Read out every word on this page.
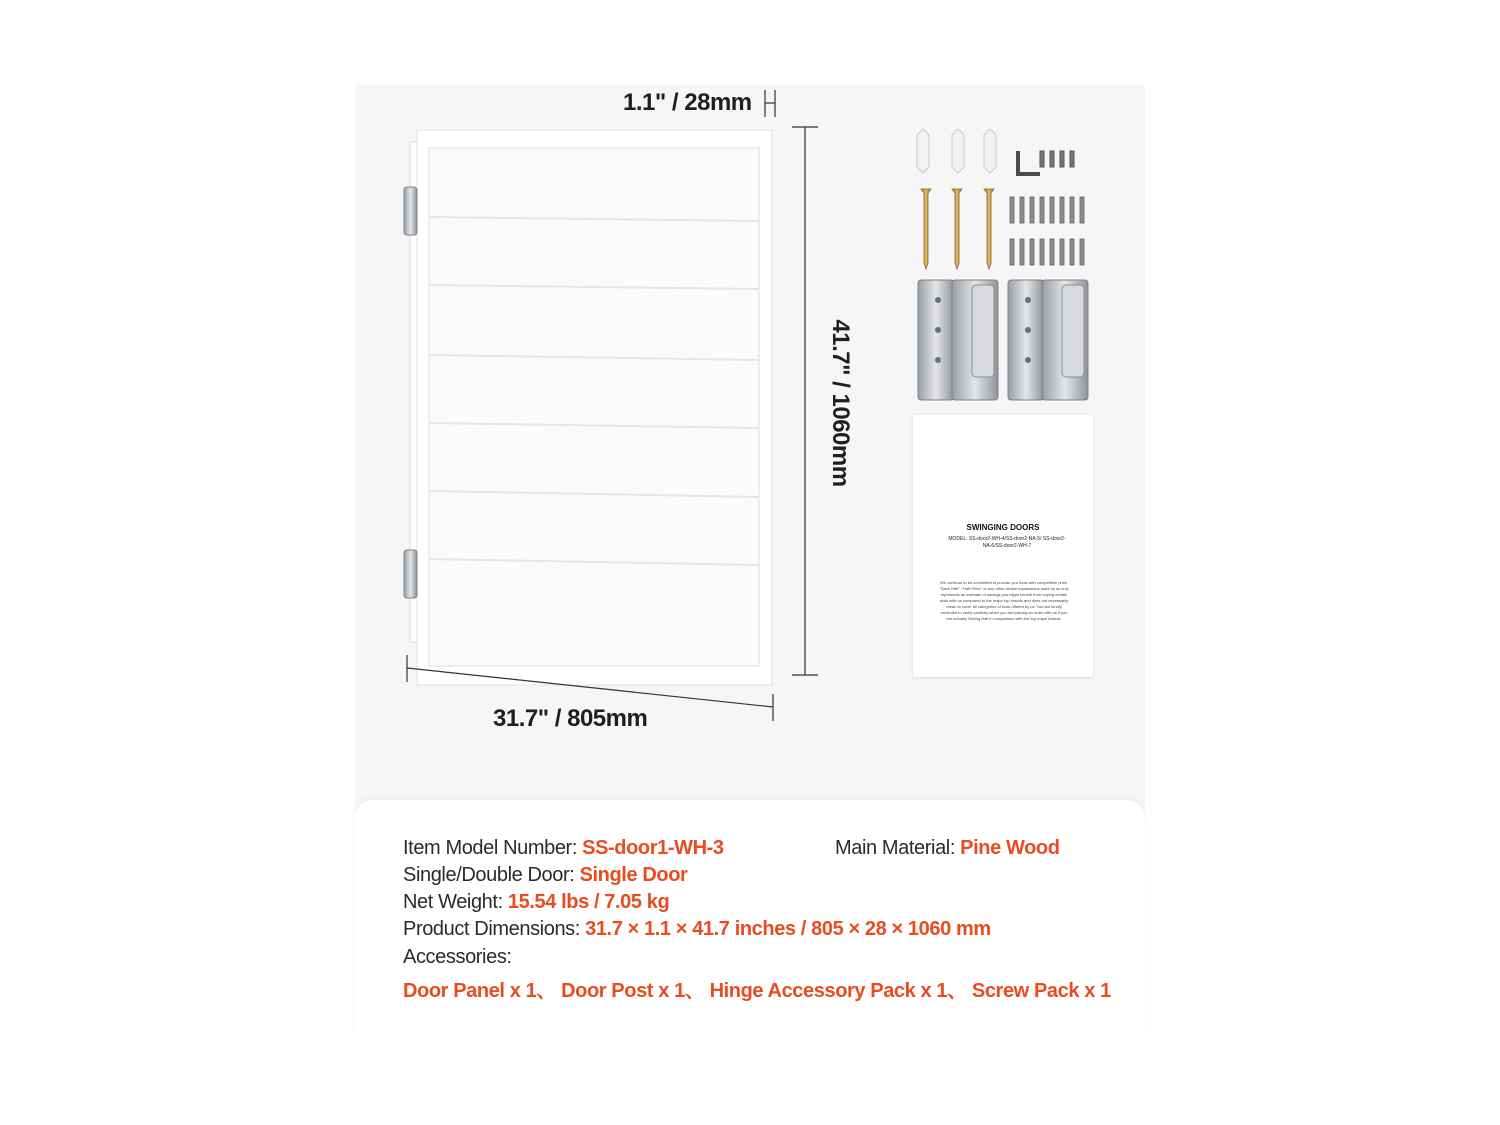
1.1" / 28mm
41.7" / 1060mm
31.7" / 805mm
SWINGING DOORS
MODEL: SS-door2-WH-4/SS-door2-NA-5/ SS-door2-NA-6/SS-door2-WH-7
We continue to be committed to provide you tools with competitive price. "Save Half", "Half Price" or any other similar expressions used by us only represents an estimate of savings you might benefit from buying certain tools with us compared to the major top brands and does not necessarily mean to cover all categories of tools offered by us. You are kindly reminded to verify carefully when you are placing an order with us if you are actually Saving Half in comparison with the top major brands.
Item Model Number: SS-door1-WH-3	Main Material: Pine Wood
Single/Double Door: Single Door
Net Weight: 15.54 lbs / 7.05 kg
Product Dimensions: 31.7 × 1.1 × 41.7 inches / 805 × 28 × 1060 mm
Accessories:
Door Panel x 1、 Door Post x 1、 Hinge Accessory Pack x 1、 Screw Pack x 1
